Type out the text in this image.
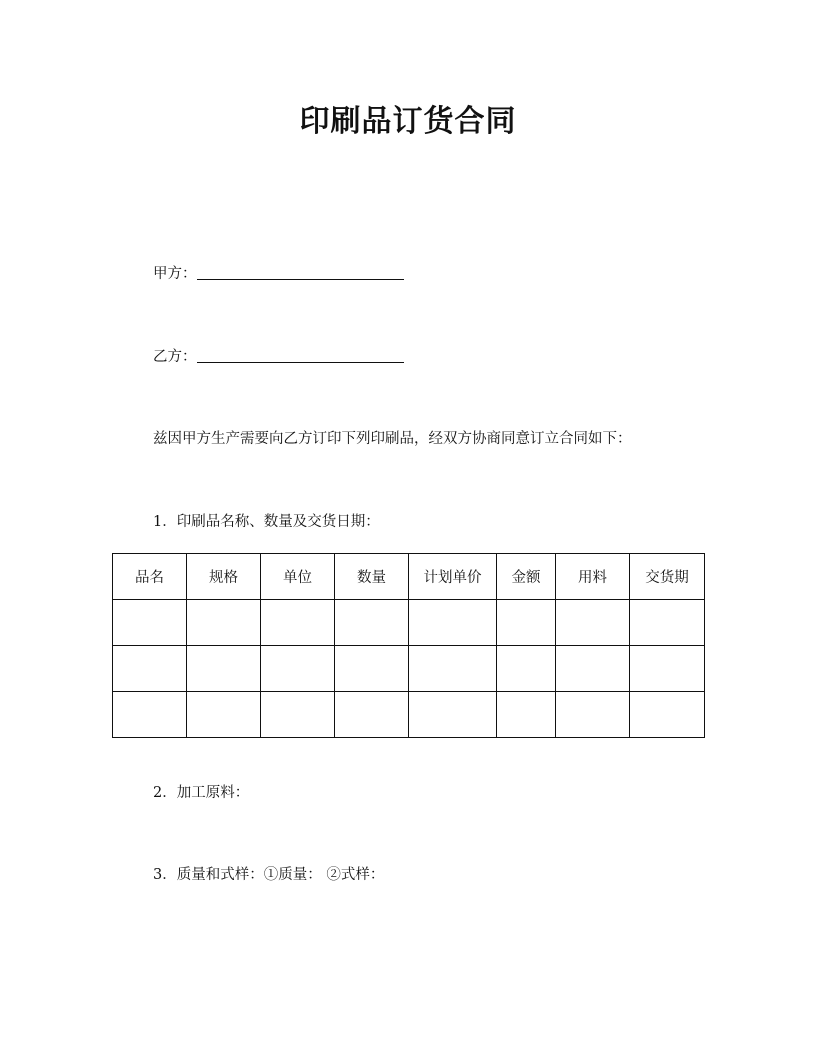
印刷品订货合同
甲方：
乙方：
兹因甲方生产需要向乙方订印下列印刷品，经双方协商同意订立合同如下：
1．印刷品名称、数量及交货日期：
品名	规格	单位	数量	计划单价	金额	用料	交货期

2．加工原料：
3．质量和式样：①质量： ②式样：
